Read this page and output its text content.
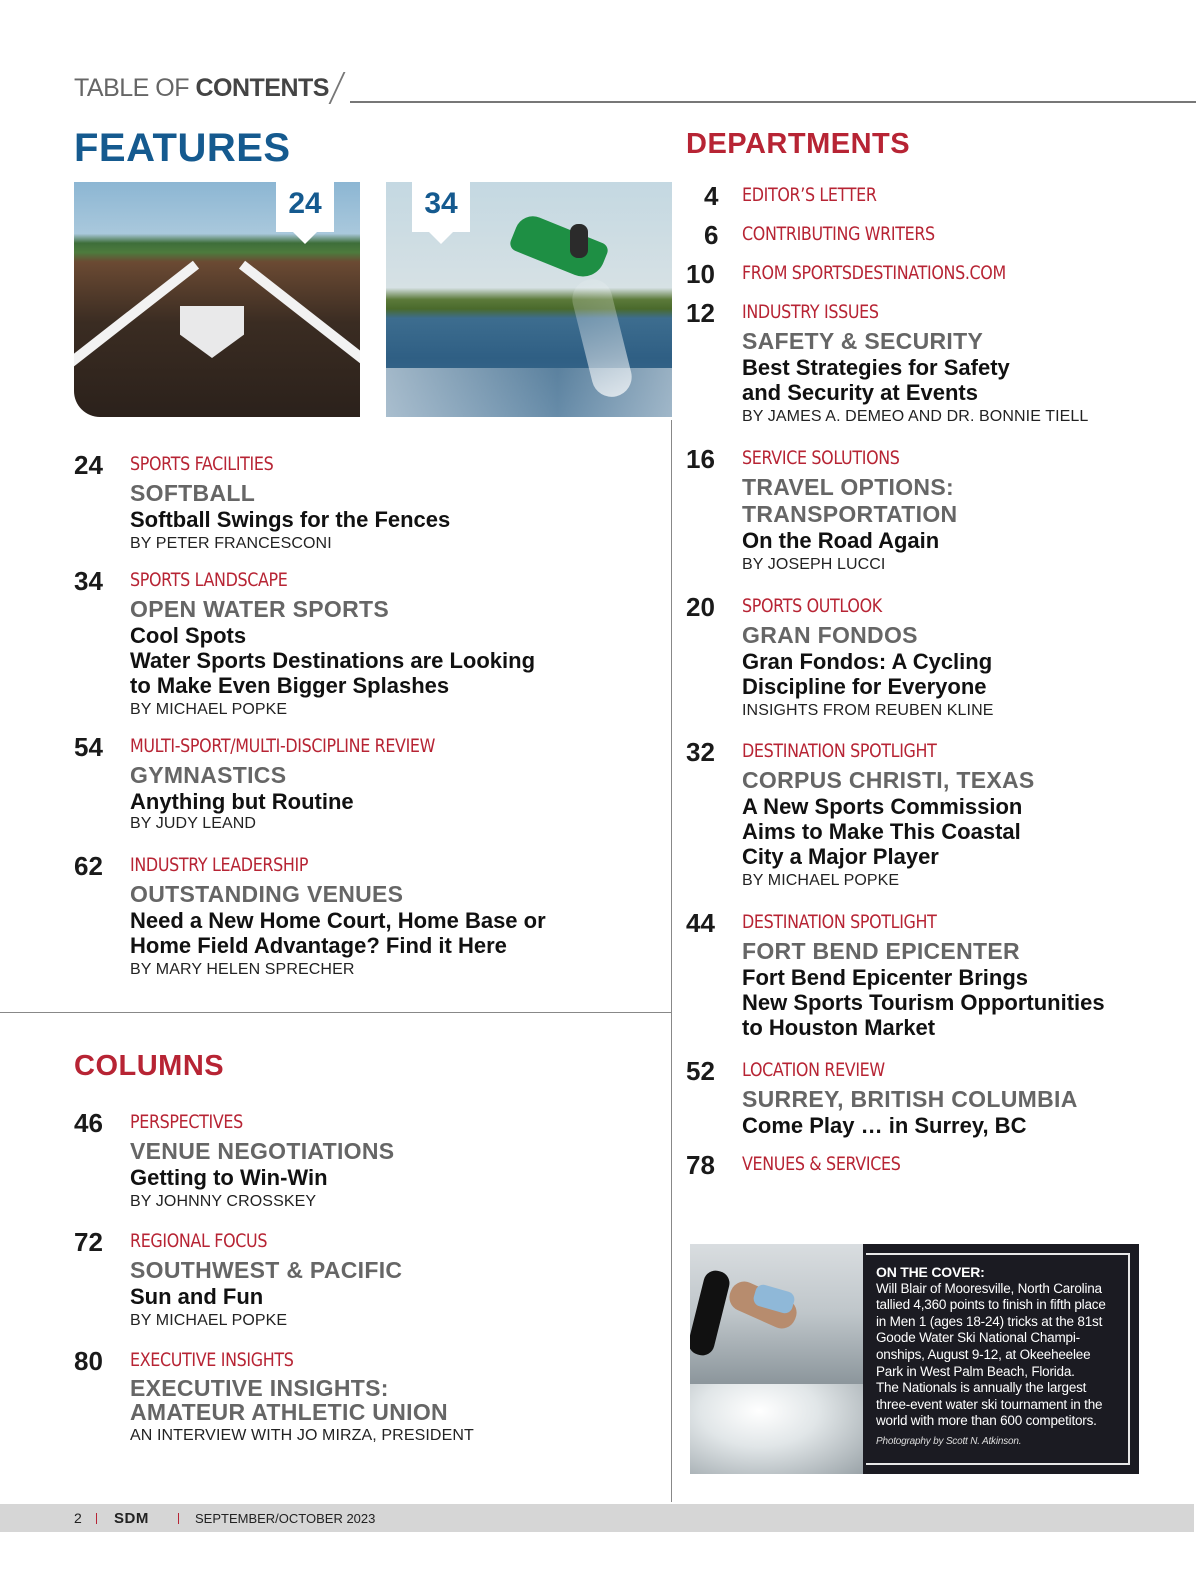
TABLE OF CONTENTS
FEATURES	DEPARTMENTS
COLUMNS
24	34
24 SPORTS FACILITIES
SOFTBALL
Softball Swings for the Fences
BY PETER FRANCESCONI
34 SPORTS LANDSCAPE
OPEN WATER SPORTS
Cool Spots
Water Sports Destinations are Looking
to Make Even Bigger Splashes
BY MICHAEL POPKE
54 MULTI-SPORT/MULTI-DISCIPLINE REVIEW
GYMNASTICS
Anything but Routine
BY JUDY LEAND
62 INDUSTRY LEADERSHIP
OUTSTANDING VENUES
Need a New Home Court, Home Base or
Home Field Advantage? Find it Here
BY MARY HELEN SPRECHER
46 PERSPECTIVES
VENUE NEGOTIATIONS
Getting to Win-Win
BY JOHNNY CROSSKEY
72 REGIONAL FOCUS
SOUTHWEST & PACIFIC
Sun and Fun
BY MICHAEL POPKE
80 EXECUTIVE INSIGHTS
EXECUTIVE INSIGHTS:
AMATEUR ATHLETIC UNION
AN INTERVIEW WITH JO MIRZA, PRESIDENT
4 EDITOR’S LETTER
6 CONTRIBUTING WRITERS
10 FROM SPORTSDESTINATIONS.COM
12 INDUSTRY ISSUES
SAFETY & SECURITY
Best Strategies for Safety
and Security at Events
BY JAMES A. DEMEO AND DR. BONNIE TIELL
16 SERVICE SOLUTIONS
TRAVEL OPTIONS:
TRANSPORTATION
On the Road Again
BY JOSEPH LUCCI
20 SPORTS OUTLOOK
GRAN FONDOS
Gran Fondos: A Cycling
Discipline for Everyone
INSIGHTS FROM REUBEN KLINE
32 DESTINATION SPOTLIGHT
CORPUS CHRISTI, TEXAS
A New Sports Commission
Aims to Make This Coastal
City a Major Player
BY MICHAEL POPKE
44 DESTINATION SPOTLIGHT
FORT BEND EPICENTER
Fort Bend Epicenter Brings
New Sports Tourism Opportunities
to Houston Market
52 LOCATION REVIEW
SURREY, BRITISH COLUMBIA
Come Play … in Surrey, BC
78 VENUES & SERVICES
ON THE COVER:
Will Blair of Mooresville, North Carolina
tallied 4,360 points to finish in fifth place
in Men 1 (ages 18-24) tricks at the 81st
Goode Water Ski National Champi-
onships, August 9-12, at Okeeheelee
Park in West Palm Beach, Florida.
The Nationals is annually the largest
three-event water ski tournament in the
world with more than 600 competitors.
Photography by Scott N. Atkinson.
2 SDM	SEPTEMBER/OCTOBER 2023
